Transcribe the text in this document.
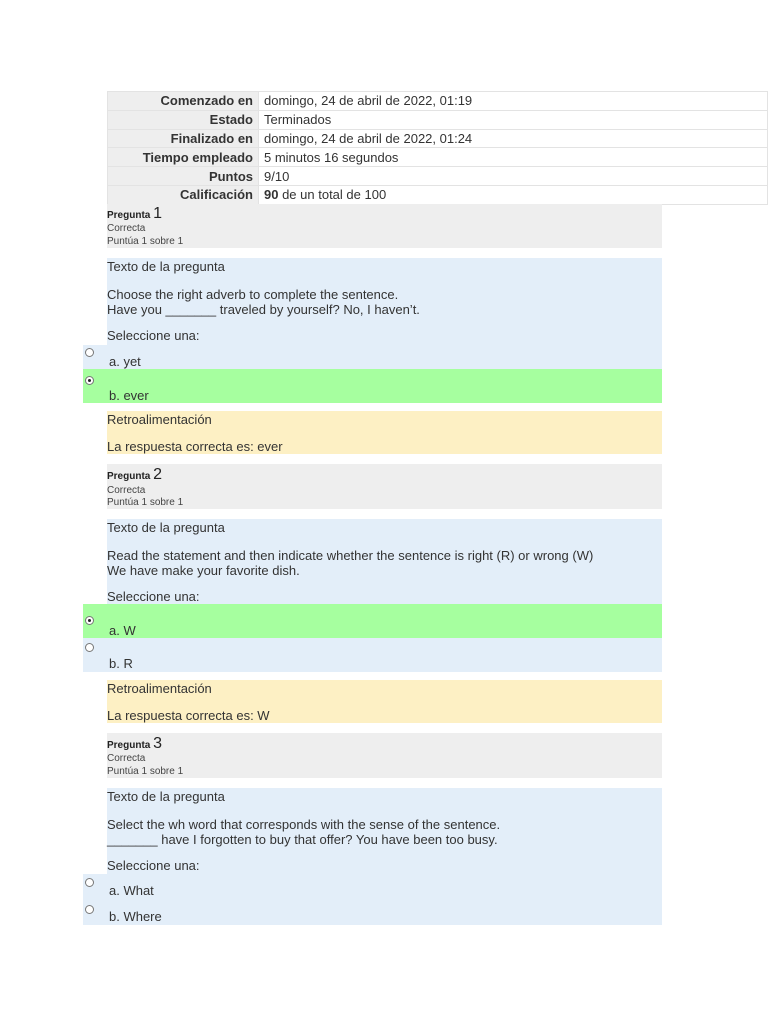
Comenzado en	domingo, 24 de abril de 2022, 01:19
Estado	Terminados
Finalizado en	domingo, 24 de abril de 2022, 01:24
Tiempo empleado	5 minutos 16 segundos
Puntos	9/10
Calificación	90 de un total de 100
Pregunta 1
Correcta
Puntúa 1 sobre 1
Texto de la pregunta
Choose the right adverb to complete the sentence.
Have you _______ traveled by yourself? No, I haven’t.
Seleccione una:
a. yet
b. ever
Retroalimentación
La respuesta correcta es: ever
Pregunta 2
Correcta
Puntúa 1 sobre 1
Texto de la pregunta
Read the statement and then indicate whether the sentence is right (R) or wrong (W)
We have make your favorite dish.
Seleccione una:
a. W
b. R
Retroalimentación
La respuesta correcta es: W
Pregunta 3
Correcta
Puntúa 1 sobre 1
Texto de la pregunta
Select the wh word that corresponds with the sense of the sentence.
_______ have I forgotten to buy that offer? You have been too busy.
Seleccione una:
a. What
b. Where
